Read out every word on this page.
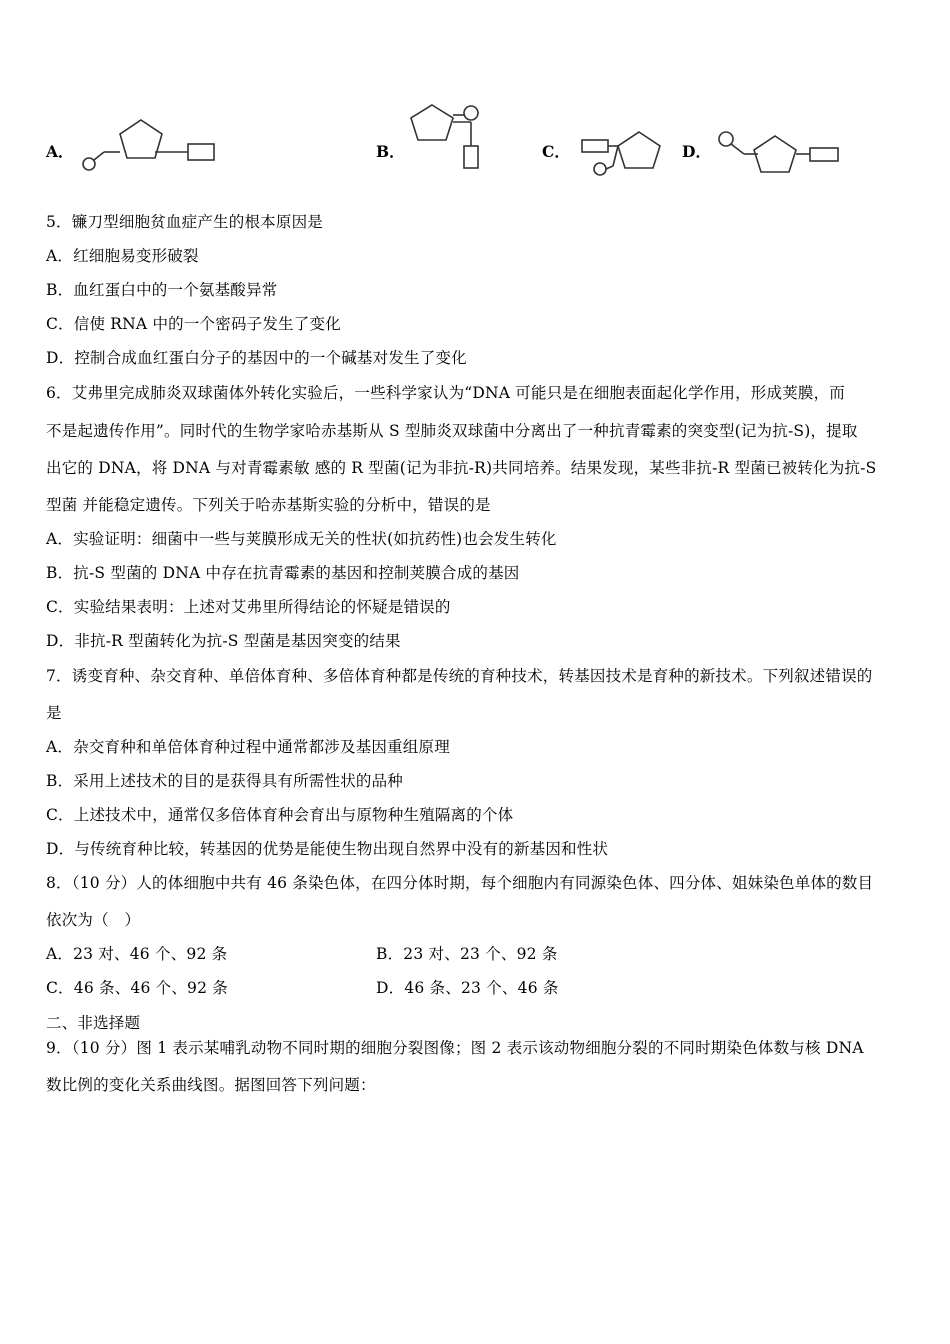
A．	B．	C．	D．
5．镰刀型细胞贫血症产生的根本原因是
A．红细胞易变形破裂
B．血红蛋白中的一个氨基酸异常
C．信使 RNA 中的一个密码子发生了变化
D．控制合成血红蛋白分子的基因中的一个碱基对发生了变化
6．艾弗里完成肺炎双球菌体外转化实验后，一些科学家认为“DNA 可能只是在细胞表面起化学作用，形成荚膜，而
不是起遗传作用”。同时代的生物学家哈赤基斯从 S 型肺炎双球菌中分离出了一种抗青霉素的突变型(记为抗-S)，提取
出它的 DNA，将 DNA 与对青霉素敏 感的 R 型菌(记为非抗-R)共同培养。结果发现，某些非抗-R 型菌已被转化为抗-S
型菌 并能稳定遗传。下列关于哈赤基斯实验的分析中，错误的是
A．实验证明：细菌中一些与荚膜形成无关的性状(如抗药性)也会发生转化
B．抗-S 型菌的 DNA 中存在抗青霉素的基因和控制荚膜合成的基因
C．实验结果表明：上述对艾弗里所得结论的怀疑是错误的
D．非抗-R 型菌转化为抗-S 型菌是基因突变的结果
7．诱变育种、杂交育种、单倍体育种、多倍体育种都是传统的育种技术，转基因技术是育种的新技术。下列叙述错误的
是
A．杂交育种和单倍体育种过程中通常都涉及基因重组原理
B．采用上述技术的目的是获得具有所需性状的品种
C．上述技术中，通常仅多倍体育种会育出与原物种生殖隔离的个体
D．与传统育种比较，转基因的优势是能使生物出现自然界中没有的新基因和性状
8．（10 分）人的体细胞中共有 46 条染色体，在四分体时期，每个细胞内有同源染色体、四分体、姐妹染色单体的数目
依次为（　）
A．23 对、46 个、92 条	B．23 对、23 个、92 条
C．46 条、46 个、92 条	D．46 条、23 个、46 条
二、非选择题
9．（10 分）图 1 表示某哺乳动物不同时期的细胞分裂图像；图 2 表示该动物细胞分裂的不同时期染色体数与核 DNA
数比例的变化关系曲线图。据图回答下列问题：
